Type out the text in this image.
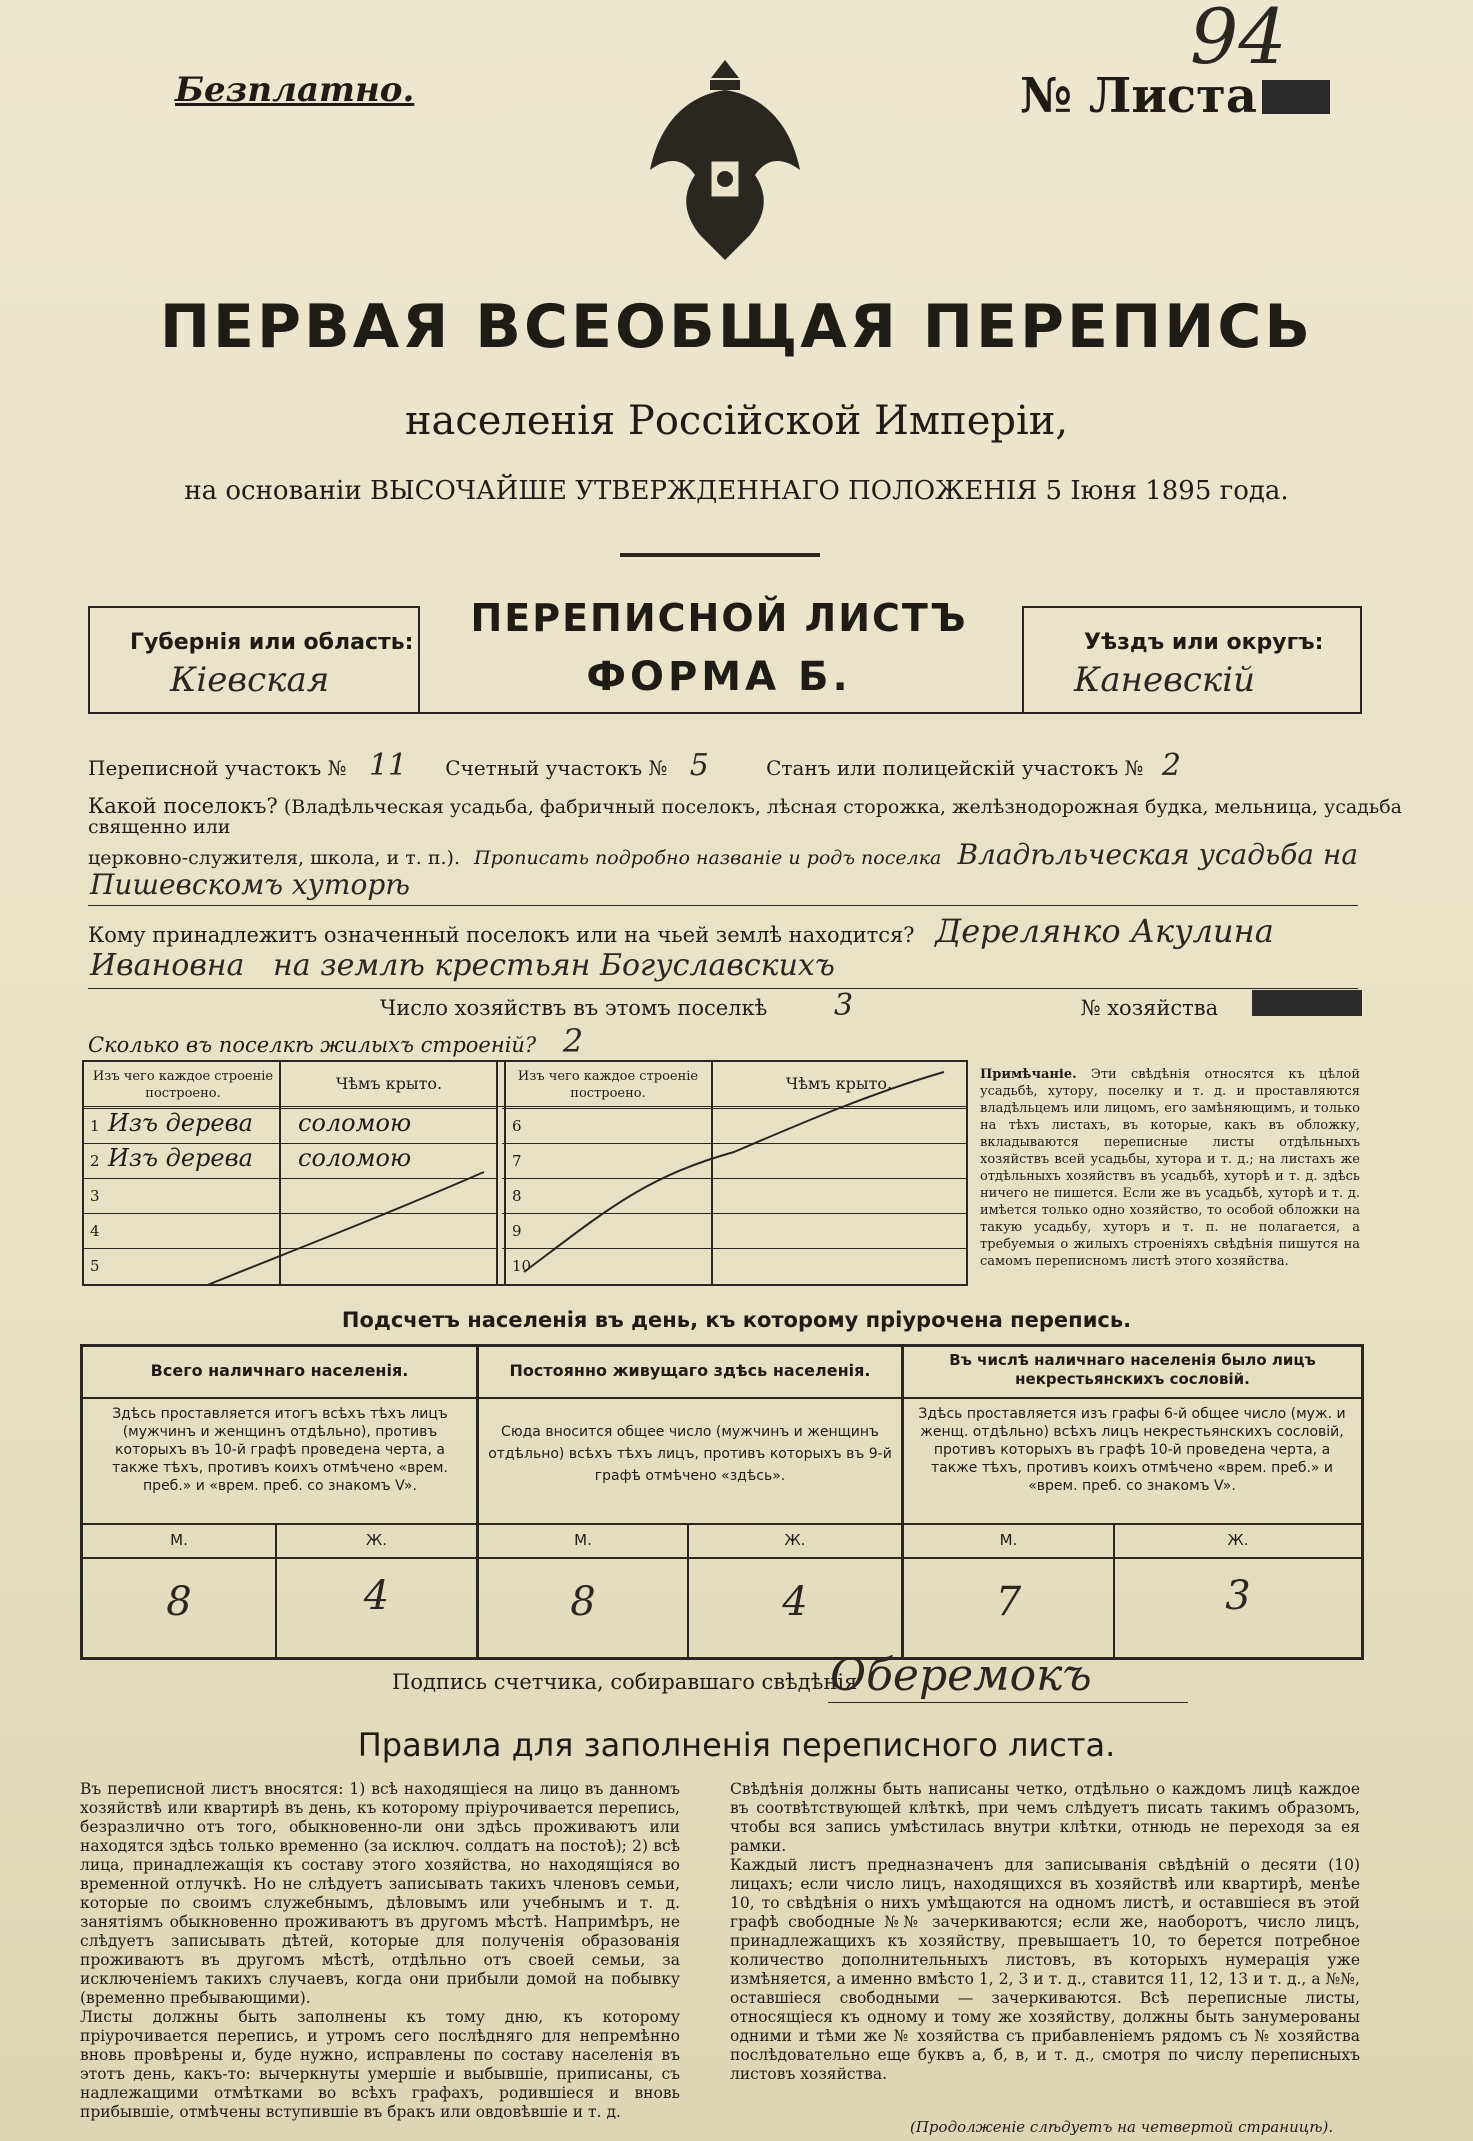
Безплатно.	№ Листа
94
ПЕРВАЯ ВСЕОБЩАЯ ПЕРЕПИСЬ
населенія Россійской Имперіи,
на основаніи ВЫСОЧАЙШЕ УТВЕРЖДЕННАГО ПОЛОЖЕНІЯ 5 Іюня 1895 года.
Губернія или область:
Кіевская
ПЕРЕПИСНОЙ ЛИСТЪ
ФОРМА Б.
Уѣздъ или округъ:
Каневскій
Переписной участокъ № 11 Счетный участокъ № 5	Станъ или полицейскій участокъ № 2
Какой поселокъ? (Владѣльческая усадьба, фабричный поселокъ, лѣсная сторожка, желѣзнодорожная будка, мельница, усадьба священно или
церковно-служителя, школа, и т. п.). Прописать подробно названіе и родъ поселка Владѣльческая усадьба на
Пишевскомъ хуторѣ
Кому принадлежитъ означенный поселокъ или на чьей землѣ находится? Дерелянко Акулина
Ивановна   на землѣ крестьян Богуславскихъ
Число хозяйствъ въ этомъ поселкѣ 3	№ хозяйства
Сколько въ поселкѣ жилыхъ строеній? 2
Изъ чего каждое строеніе построено.
Чѣмъ крыто.	Изъ чего каждое строеніе построено.
Чѣмъ крыто.
1 Изъ дерева соломою
2 Изъ дерева соломою
3
4
5
6
7
8
9
10
Примѣчаніе. Эти свѣдѣнія относятся къ цѣлой усадьбѣ, хутору, поселку и т. д. и проставляются владѣльцемъ или лицомъ, его замѣняющимъ, и только на тѣхъ листахъ, въ которые, какъ въ обложку, вкладываются переписные листы отдѣльныхъ хозяйствъ всей усадьбы, хутора и т. д.; на листахъ же отдѣльныхъ хозяйствъ въ усадьбѣ, хуторѣ и т. д. здѣсь ничего не пишется. Если же въ усадьбѣ, хуторѣ и т. д. имѣется только одно хозяйство, то особой обложки на такую усадьбу, хуторъ и т. п. не полагается, а требуемыя о жилыхъ строеніяхъ свѣдѣнія пишутся на самомъ переписномъ листѣ этого хозяйства.
Подсчетъ населенія въ день, къ которому пріурочена перепись.
Всего наличнаго населенія.	Постоянно живущаго здѣсь населенія.
Въ числѣ наличнаго населенія было лицъ некрестьянскихъ сословій.
Здѣсь проставляется итогъ всѣхъ тѣхъ лицъ (мужчинъ и женщинъ отдѣльно), противъ которыхъ въ 10-й графѣ проведена черта, а также тѣхъ, противъ коихъ отмѣчено «врем. преб.» и «врем. преб. со знакомъ V».
Сюда вносится общее число (мужчинъ и женщинъ отдѣльно) всѣхъ тѣхъ лицъ, противъ которыхъ въ 9-й графѣ отмѣчено «здѣсь».
Здѣсь проставляется изъ графы 6-й общее число (муж. и женщ. отдѣльно) всѣхъ лицъ некрестьянскихъ сословій, противъ которыхъ въ графѣ 10-й проведена черта, а также тѣхъ, противъ коихъ отмѣчено «врем. преб.» и «врем. преб. со знакомъ V».
М.	Ж.	М.	Ж.	М.	Ж.
8	4	8	4	7	3
Подпись счетчика, собиравшаго свѣдѣнія
Оберемокъ
Правила для заполненія переписного листа.
Въ переписной листъ вносятся: 1) всѣ находящіеся на лицо въ данномъ хозяйствѣ или квартирѣ въ день, къ которому пріурочивается перепись, безразлично отъ того, обыкновенно-ли они здѣсь проживаютъ или находятся здѣсь только временно (за исключ. солдатъ на постоѣ); 2) всѣ лица, принадлежащія къ составу этого хозяйства, но находящіяся во временной отлучкѣ. Но не слѣдуетъ записывать такихъ членовъ семьи, которые по своимъ служебнымъ, дѣловымъ или учебнымъ и т. д. занятіямъ обыкновенно проживаютъ въ другомъ мѣстѣ. Напримѣръ, не слѣдуетъ записывать дѣтей, которые для полученія образованія проживаютъ въ другомъ мѣстѣ, отдѣльно отъ своей семьи, за исключеніемъ такихъ случаевъ, когда они прибыли домой на побывку (временно пребывающими).
Листы должны быть заполнены къ тому дню, къ которому пріурочивается перепись, и утромъ сего послѣдняго для непремѣнно вновь провѣрены и, буде нужно, исправлены по составу населенія въ этотъ день, какъ-то: вычеркнуты умершіе и выбывшіе, приписаны, съ надлежащими отмѣтками во всѣхъ графахъ, родившіеся и вновь прибывшіе, отмѣчены вступившіе въ бракъ или овдовѣвшіе и т. д.
Свѣдѣнія должны быть написаны четко, отдѣльно о каждомъ лицѣ каждое въ соотвѣтствующей клѣткѣ, при чемъ слѣдуетъ писать такимъ образомъ, чтобы вся запись умѣстилась внутри клѣтки, отнюдь не переходя за ея рамки.
Каждый листъ предназначенъ для записыванія свѣдѣній о десяти (10) лицахъ; если число лицъ, находящихся въ хозяйствѣ или квартирѣ, менѣе 10, то свѣдѣнія о нихъ умѣщаются на одномъ листѣ, и оставшіеся въ этой графѣ свободные №№ зачеркиваются; если же, наоборотъ, число лицъ, принадлежащихъ къ хозяйству, превышаетъ 10, то берется потребное количество дополнительныхъ листовъ, въ которыхъ нумерація уже измѣняется, а именно вмѣсто 1, 2, 3 и т. д., ставится 11, 12, 13 и т. д., а №№, оставшіеся свободными — зачеркиваются. Всѣ переписные листы, относящіеся къ одному и тому же хозяйству, должны быть занумерованы одними и тѣми же № хозяйства съ прибавленіемъ рядомъ съ № хозяйства послѣдовательно еще буквъ а, б, в, и т. д., смотря по числу переписныхъ листовъ хозяйства.
(Продолженіе слѣдуетъ на четвертой страницѣ).
